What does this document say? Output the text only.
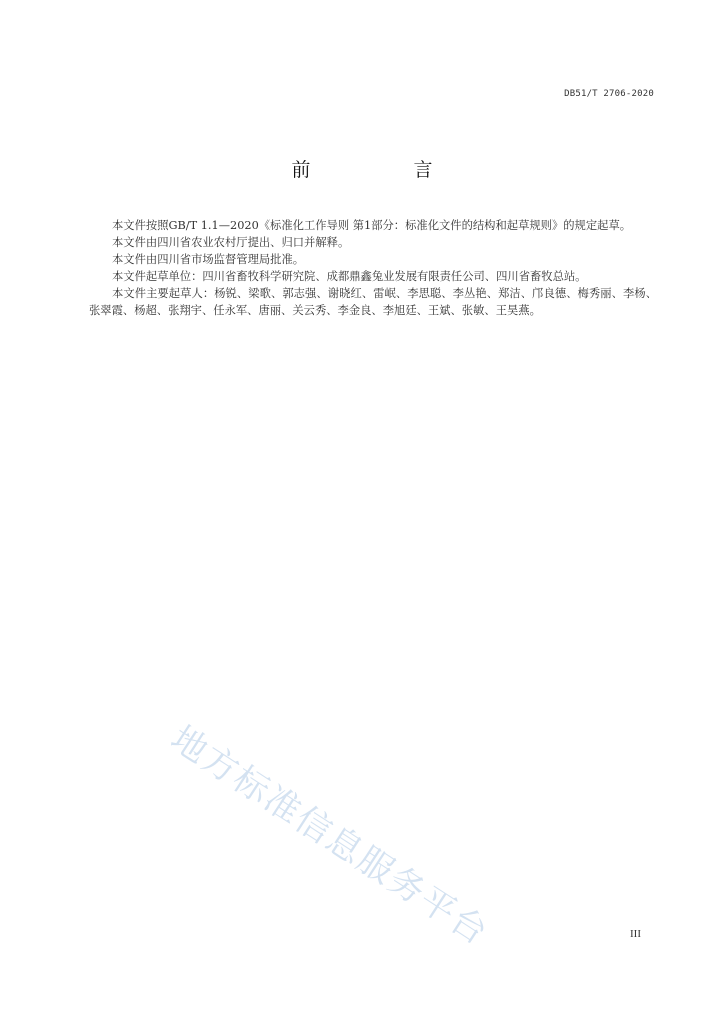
DB51/T 2706-2020
前　言

本文件按照GB/T 1.1—2020《标准化工作导则 第1部分：标准化文件的结构和起草规则》的规定起草。

本文件由四川省农业农村厅提出、归口并解释。

本文件由四川省市场监督管理局批准。

本文件起草单位：四川省畜牧科学研究院、成都鼎鑫兔业发展有限责任公司、四川省畜牧总站。

本文件主要起草人：杨锐、梁歌、郭志强、谢晓红、雷岷、李思聪、李丛艳、郑洁、邝良德、梅秀丽、李杨、张翠霞、杨超、张翔宇、任永军、唐丽、关云秀、李金良、李旭廷、王斌、张敏、王昊燕。

地方标准信息服务平台	III
